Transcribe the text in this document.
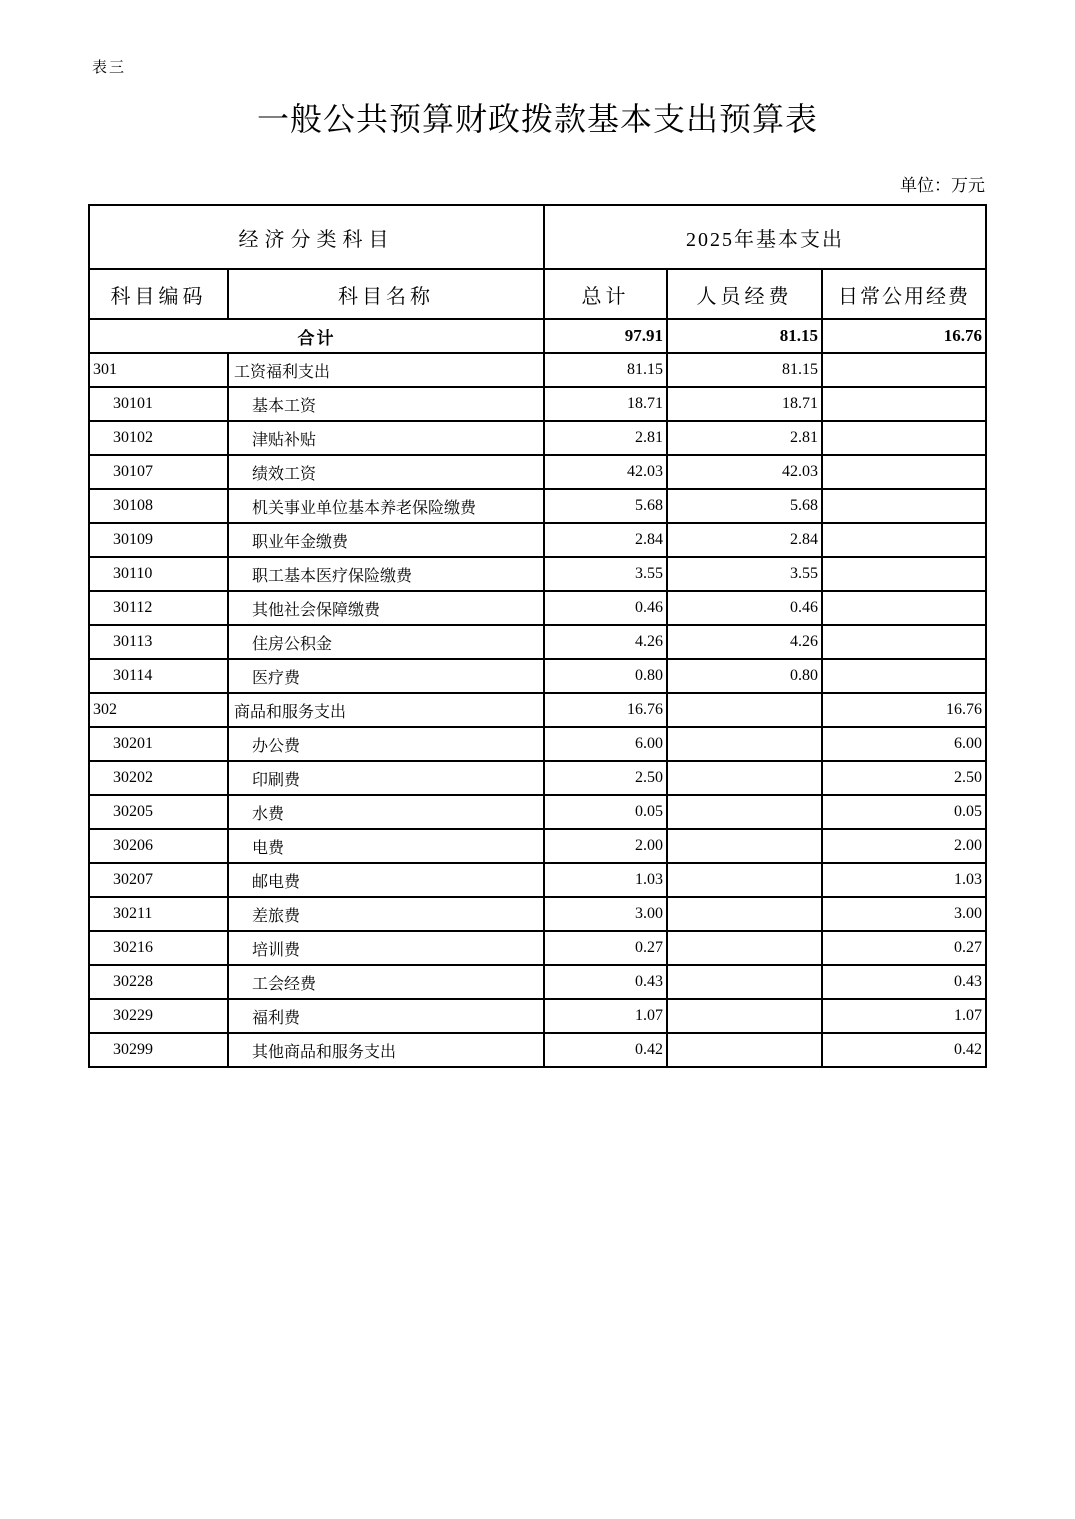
表三
一般公共预算财政拨款基本支出预算表
单位：万元
经济分类科目		2025年基本支出		
科目编码	科目名称	总计	人员经费	日常公用经费
合计		97.91	81.15	16.76
301	工资福利支出	81.15	81.15	
30101	基本工资	18.71	18.71	
30102	津贴补贴	2.81	2.81	
30107	绩效工资	42.03	42.03	
30108	机关事业单位基本养老保险缴费	5.68	5.68	
30109	职业年金缴费	2.84	2.84	
30110	职工基本医疗保险缴费	3.55	3.55	
30112	其他社会保障缴费	0.46	0.46	
30113	住房公积金	4.26	4.26	
30114	医疗费	0.80	0.80	
302	商品和服务支出	16.76		16.76
30201	办公费	6.00		6.00
30202	印刷费	2.50		2.50
30205	水费	0.05		0.05
30206	电费	2.00		2.00
30207	邮电费	1.03		1.03
30211	差旅费	3.00		3.00
30216	培训费	0.27		0.27
30228	工会经费	0.43		0.43
30229	福利费	1.07		1.07
30299	其他商品和服务支出	0.42		0.42
